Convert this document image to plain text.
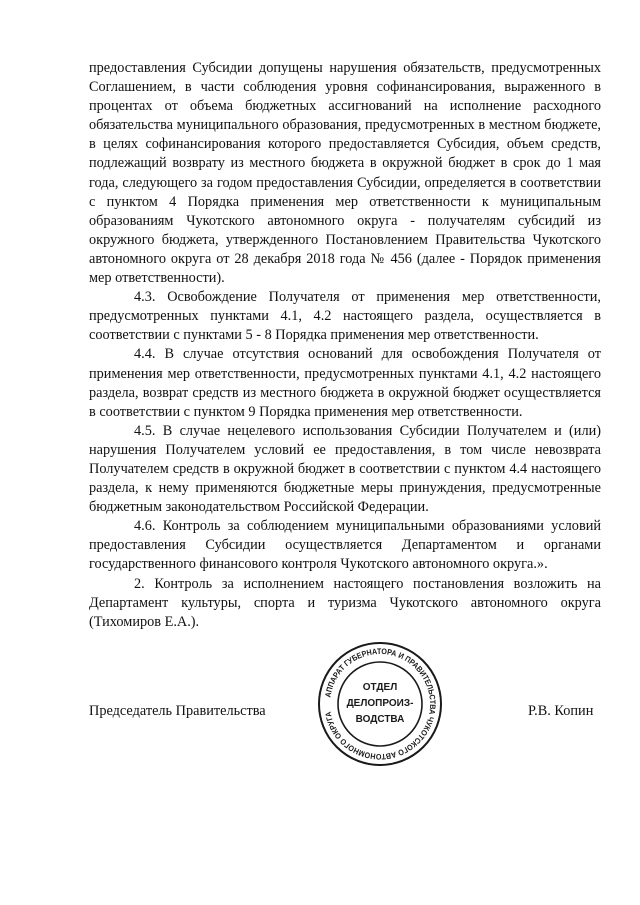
предоставления Субсидии допущены нарушения обязательств, предусмотренных Соглашением, в части соблюдения уровня софинансирования, выраженного в процентах от объема бюджетных ассигнований на исполнение расходного обязательства муниципального образования, предусмотренных в местном бюджете, в целях софинансирования которого предоставляется Субсидия, объем средств, подлежащий возврату из местного бюджета в окружной бюджет в срок до 1 мая года, следующего за годом предоставления Субсидии, определяется в соответствии с пунктом 4 Порядка применения мер ответственности к муниципальным образованиям Чукотского автономного округа - получателям субсидий из окружного бюджета, утвержденного Постановлением Правительства Чукотского автономного округа от 28 декабря 2018 года № 456 (далее - Порядок применения мер ответственности).

4.3. Освобождение Получателя от применения мер ответственности, предусмотренных пунктами 4.1, 4.2 настоящего раздела, осуществляется в соответствии с пунктами 5 - 8 Порядка применения мер ответственности.

4.4. В случае отсутствия оснований для освобождения Получателя от применения мер ответственности, предусмотренных пунктами 4.1, 4.2 настоящего раздела, возврат средств из местного бюджета в окружной бюджет осуществляется в соответствии с пунктом 9 Порядка применения мер ответственности.

4.5. В случае нецелевого использования Субсидии Получателем и (или) нарушения Получателем условий ее предоставления, в том числе невозврата Получателем средств в окружной бюджет в соответствии с пунктом 4.4 настоящего раздела, к нему применяются бюджетные меры принуждения, предусмотренные бюджетным законодательством Российской Федерации.

4.6. Контроль за соблюдением муниципальными образованиями условий предоставления Субсидии осуществляется Департаментом и органами государственного финансового контроля Чукотского автономного округа.».

2. Контроль за исполнением настоящего постановления возложить на Департамент культуры, спорта и туризма Чукотского автономного округа (Тихомиров Е.А.).

Председатель Правительства	Р.В. Копин
АППАРАТ ГУБЕРНАТОРА И ПРАВИТЕЛЬСТВА ЧУКОТСКОГО АВТОНОМНОГО ОКРУГА
ОТДЕЛ
ДЕЛОПРОИЗ-
ВОДСТВА
